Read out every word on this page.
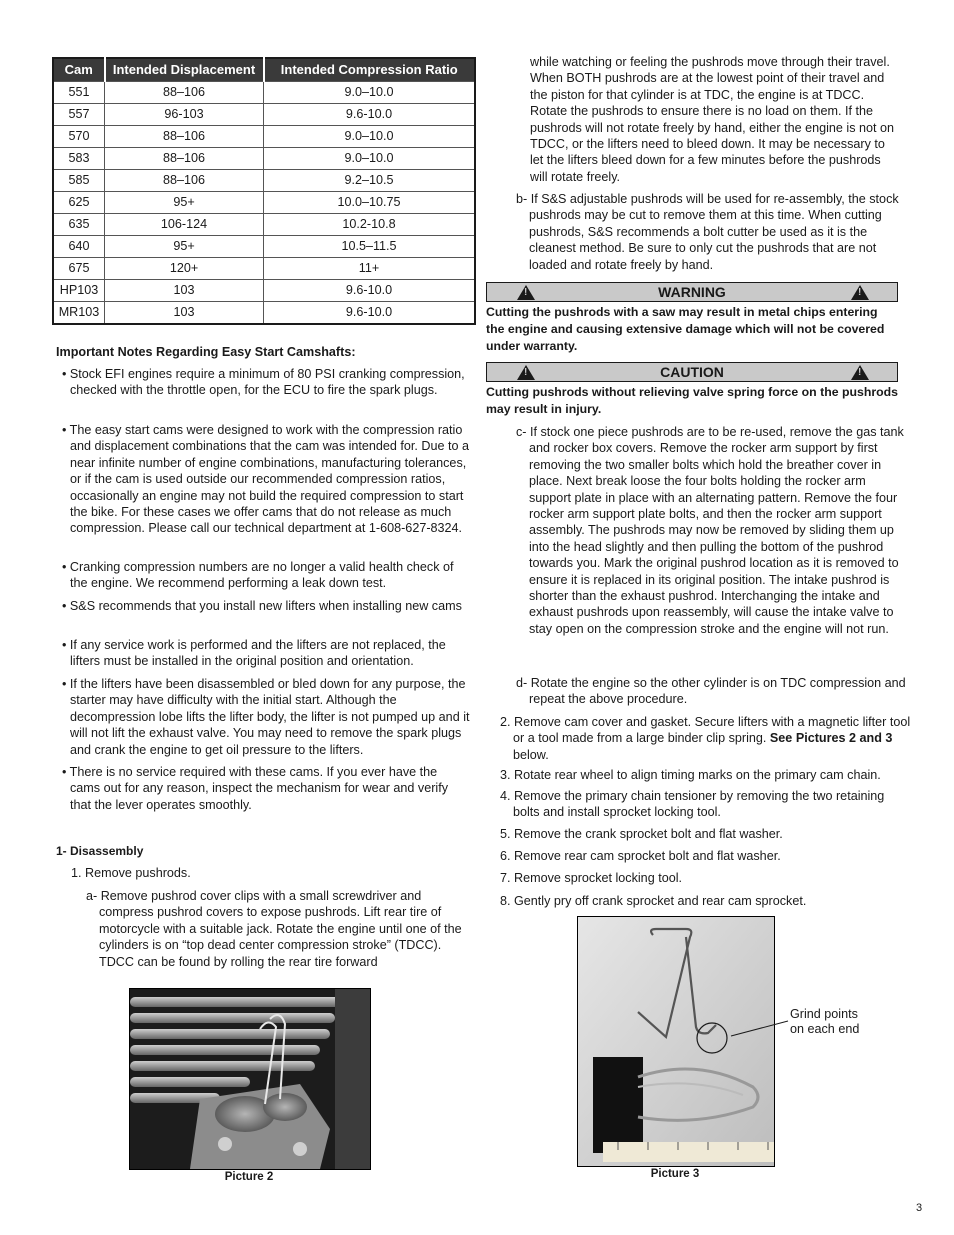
Cam	Intended Displacement	Intended Compression Ratio
551	88–106	9.0–10.0
557	96-103	9.6-10.0
570	88–106	9.0–10.0
583	88–106	9.0–10.0
585	88–106	9.2–10.5
625	95+	10.0–10.75
635	106-124	10.2-10.8
640	95+	10.5–11.5
675	120+	11+
HP103	103	9.6-10.0
MR103	103	9.6-10.0

Important Notes Regarding Easy Start Camshafts:

• Stock EFI engines require a minimum of 80 PSI cranking compression, checked with the throttle open, for the ECU to fire the spark plugs.

• The easy start cams were designed to work with the compression ratio and displacement combinations that the cam was intended for. Due to a near infinite number of engine combinations, manufacturing tolerances, or if the cam is used outside our recommended compression ratios, occasionally an engine may not build the required compression to start the bike. For these cases we offer cams that do not release as much compression. Please call our technical department at 1-608-627-8324.

• Cranking compression numbers are no longer a valid health check of the engine. We recommend performing a leak down test.

• S&S recommends that you install new lifters when installing new cams

• If any service work is performed and the lifters are not replaced, the lifters must be installed in the original position and orientation.

• If the lifters have been disassembled or bled down for any purpose, the starter may have difficulty with the initial start. Although the decompression lobe lifts the lifter body, the lifter is not pumped up and it will not lift the exhaust valve. You may need to remove the spark plugs and crank the engine to get oil pressure to the lifters.

• There is no service required with these cams. If you ever have the cams out for any reason, inspect the mechanism for wear and verify that the lever operates smoothly.

1- Disassembly

1. Remove pushrods.

a- Remove pushrod cover clips with a small screwdriver and compress pushrod covers to expose pushrods. Lift rear tire of motorcycle with a suitable jack. Rotate the engine until one of the cylinders is on “top dead center compression stroke” (TDCC). TDCC can be found by rolling the rear tire forward

Picture 2

while watching or feeling the pushrods move through their travel. When BOTH pushrods are at the lowest point of their travel and the piston for that cylinder is at TDC, the engine is at TDCC. Rotate the pushrods to ensure there is no load on them. If the pushrods will not rotate freely by hand, either the engine is not on TDCC, or the lifters need to bleed down. It may be necessary to let the lifters bleed down for a few minutes before the pushrods will rotate freely.

b- If S&S adjustable pushrods will be used for re-assembly, the stock pushrods may be cut to remove them at this time. When cutting pushrods, S&S recommends a bolt cutter be used as it is the cleanest method. Be sure to only cut the pushrods that are not loaded and rotate freely by hand.

!	WARNING	!

Cutting the pushrods with a saw may result in metal chips entering the engine and causing extensive damage which will not be covered under warranty.

!	CAUTION	!

Cutting pushrods without relieving valve spring force on the pushrods may result in injury.

c- If stock one piece pushrods are to be re-used, remove the gas tank and rocker box covers. Remove the rocker arm support by first removing the two smaller bolts which hold the breather cover in place. Next break loose the four bolts holding the rocker arm support plate in place with an alternating pattern. Remove the four rocker arm support plate bolts, and then the rocker arm support assembly. The pushrods may now be removed by sliding them up into the head slightly and then pulling the bottom of the pushrod towards you. Mark the original pushrod location as it is removed to ensure it is replaced in its original position. The intake pushrod is shorter than the exhaust pushrod. Interchanging the intake and exhaust pushrods upon reassembly, will cause the intake valve to stay open on the compression stroke and the engine will not run.

d- Rotate the engine so the other cylinder is on TDC compression and repeat the above procedure.

2. Remove cam cover and gasket. Secure lifters with a magnetic lifter tool or a tool made from a large binder clip spring. See Pictures 2 and 3 below.

3. Rotate rear wheel to align timing marks on the primary cam chain.

4. Remove the primary chain tensioner by removing the two retaining bolts and install sprocket locking tool.

5. Remove the crank sprocket bolt and flat washer.

6. Remove rear cam sprocket bolt and flat washer.

7. Remove sprocket locking tool.

8. Gently pry off crank sprocket and rear cam sprocket.

Grind points
on each end

Picture 3

3
